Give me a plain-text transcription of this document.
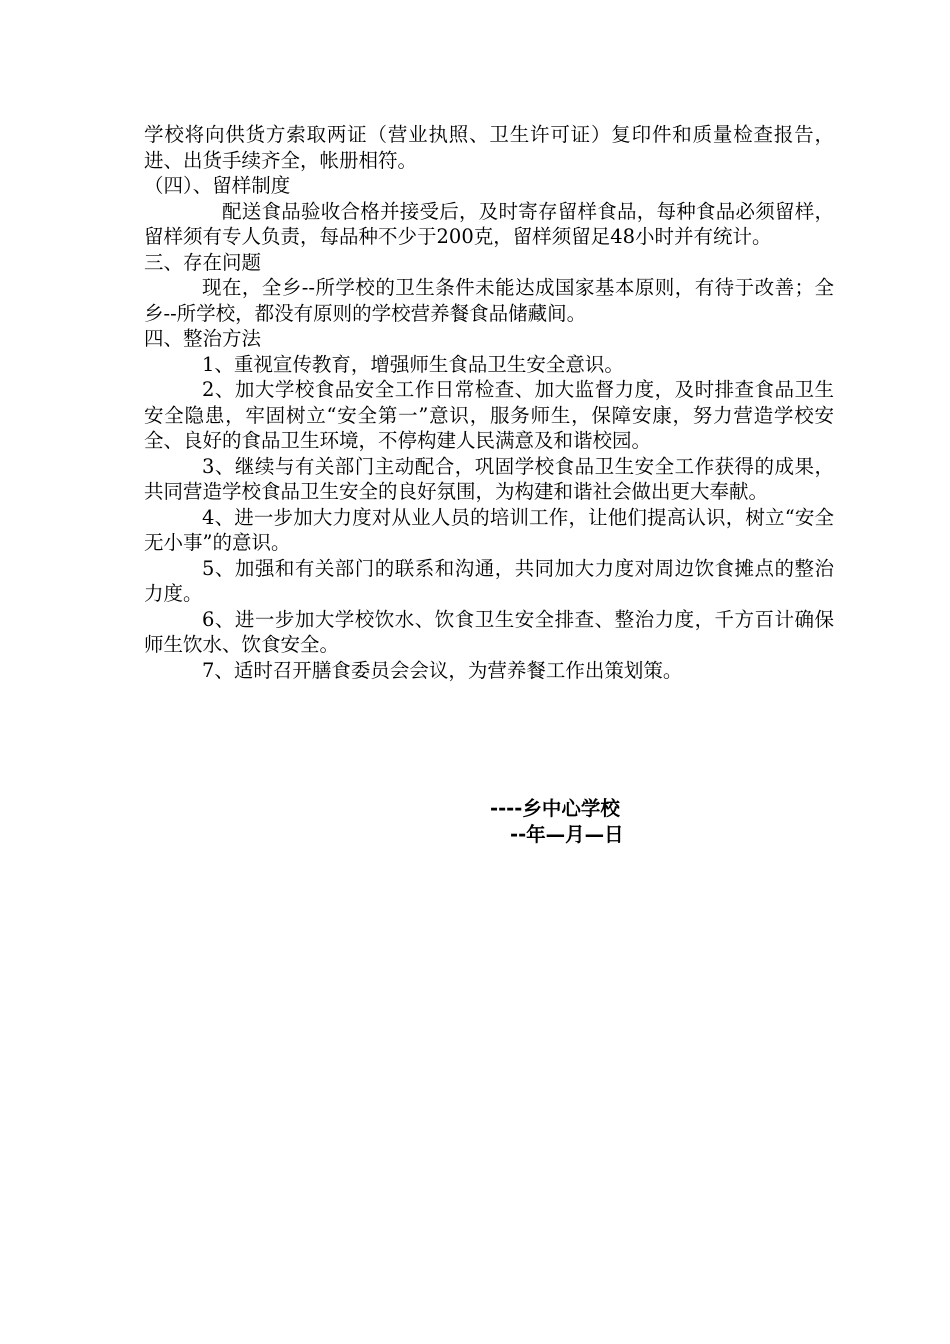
学校将向供货方索取两证（营业执照、卫生许可证）复印件和质量检查报告，进、出货手续齐全，帐册相符。

（四）、留样制度

配送食品验收合格并接受后，及时寄存留样食品，每种食品必须留样，留样须有专人负责，每品种不少于200克，留样须留足48小时并有统计。

三、存在问题

现在，全乡--所学校的卫生条件未能达成国家基本原则，有待于改善；全乡--所学校，都没有原则的学校营养餐食品储藏间。

四、整治方法

1、重视宣传教育，增强师生食品卫生安全意识。

2、加大学校食品安全工作日常检查、加大监督力度，及时排查食品卫生安全隐患，牢固树立“安全第一”意识，服务师生，保障安康，努力营造学校安全、良好的食品卫生环境，不停构建人民满意及和谐校园。

3、继续与有关部门主动配合，巩固学校食品卫生安全工作获得的成果，共同营造学校食品卫生安全的良好氛围，为构建和谐社会做出更大奉献。

4、进一步加大力度对从业人员的培训工作，让他们提高认识，树立“安全无小事”的意识。

5、加强和有关部门的联系和沟通，共同加大力度对周边饮食摊点的整治力度。

6、进一步加大学校饮水、饮食卫生安全排查、整治力度，千方百计确保师生饮水、饮食安全。

7、适时召开膳食委员会会议，为营养餐工作出策划策。

----乡中心学校
--年—月—日
